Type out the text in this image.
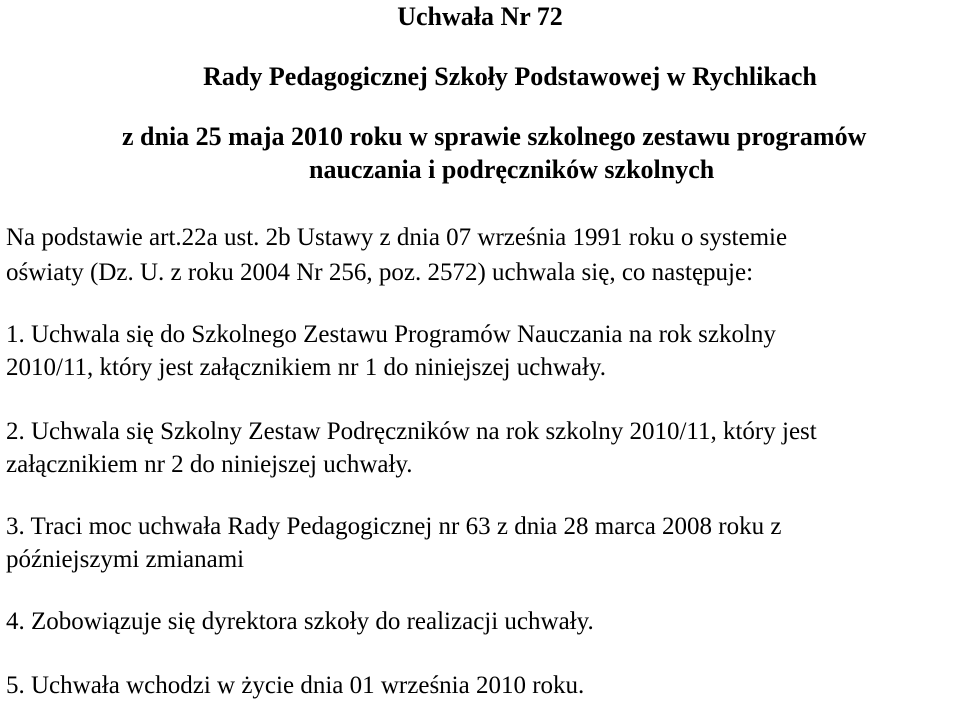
Uchwała Nr 72
Rady Pedagogicznej Szkoły Podstawowej w Rychlikach
z dnia 25 maja 2010 roku w sprawie szkolnego zestawu programów
nauczania i podręczników szkolnych
Na podstawie art.22a ust. 2b Ustawy z dnia 07 września 1991 roku o systemie
oświaty (Dz. U. z roku 2004 Nr 256, poz. 2572) uchwala się, co następuje:
1. Uchwala się do Szkolnego Zestawu Programów Nauczania na rok szkolny
2010/11, który jest załącznikiem nr 1 do niniejszej uchwały.
2. Uchwala się Szkolny Zestaw Podręczników na rok szkolny 2010/11, który jest
załącznikiem nr 2 do niniejszej uchwały.
3. Traci moc uchwała Rady Pedagogicznej nr 63 z dnia 28 marca 2008 roku z
późniejszymi zmianami
4. Zobowiązuje się dyrektora szkoły do realizacji uchwały.
5. Uchwała wchodzi w życie dnia 01 września 2010 roku.
